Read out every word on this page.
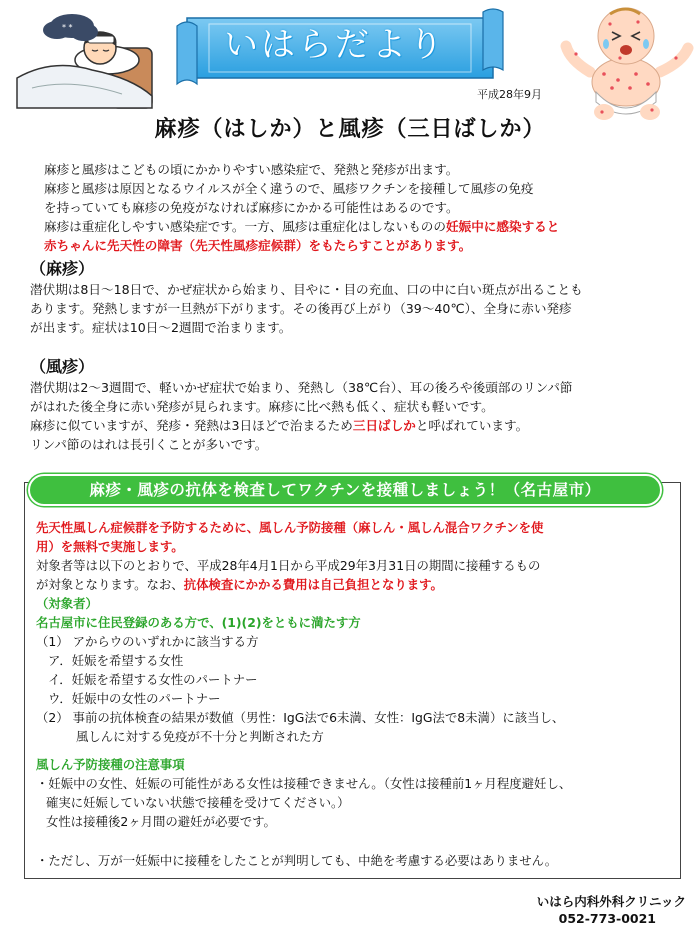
* *	いはらだより
平成28年9月
麻疹（はしか）と風疹（三日ばしか）
麻疹と風疹はこどもの頃にかかりやすい感染症で、発熱と発疹が出ます。
麻疹と風疹は原因となるウイルスが全く違うので、風疹ワクチンを接種して風疹の免疫
を持っていても麻疹の免疫がなければ麻疹にかかる可能性はあるのです。
麻疹は重症化しやすい感染症です。一方、風疹は重症化はしないものの妊娠中に感染すると
赤ちゃんに先天性の障害（先天性風疹症候群）をもたらすことがあります。
（麻疹）
潜伏期は8日～18日で、かぜ症状から始まり、目やに・目の充血、口の中に白い斑点が出ることも
あります。発熱しますが一旦熱が下がります。その後再び上がり（39～40℃）、全身に赤い発疹
が出ます。症状は10日～2週間で治まります。
（風疹）
潜伏期は2～3週間で、軽いかぜ症状で始まり、発熱し（38℃台）、耳の後ろや後頭部のリンパ節
がはれた後全身に赤い発疹が見られます。麻疹に比べ熱も低く、症状も軽いです。
麻疹に似ていますが、発疹・発熱は3日ほどで治まるため三日ばしかと呼ばれています。
リンパ節のはれは長引くことが多いです。
麻疹・風疹の抗体を検査してワクチンを接種しましょう！（名古屋市）
先天性風しん症候群を予防するために、風しん予防接種（麻しん・風しん混合ワクチンを使
用）を無料で実施します。
対象者等は以下のとおりで、平成28年4月1日から平成29年3月31日の期間に接種するもの
が対象となります。なお、抗体検査にかかる費用は自己負担となります。
（対象者）
名古屋市に住民登録のある方で、(1)(2)をともに満たす方
（1） アからウのいずれかに該当する方
ア．妊娠を希望する女性
イ．妊娠を希望する女性のパートナー
ウ．妊娠中の女性のパートナー
（2） 事前の抗体検査の結果が数値（男性：IgG法で6未満、女性：IgG法で8未満）に該当し、
風しんに対する免疫が不十分と判断された方
風しん予防接種の注意事項
・妊娠中の女性、妊娠の可能性がある女性は接種できません。（女性は接種前1ヶ月程度避妊し、
確実に妊娠していない状態で接種を受けてください。）
女性は接種後2ヶ月間の避妊が必要です。
・ただし、万が一妊娠中に接種をしたことが判明しても、中絶を考慮する必要はありません。
いはら内科外科クリニック
052-773-0021
